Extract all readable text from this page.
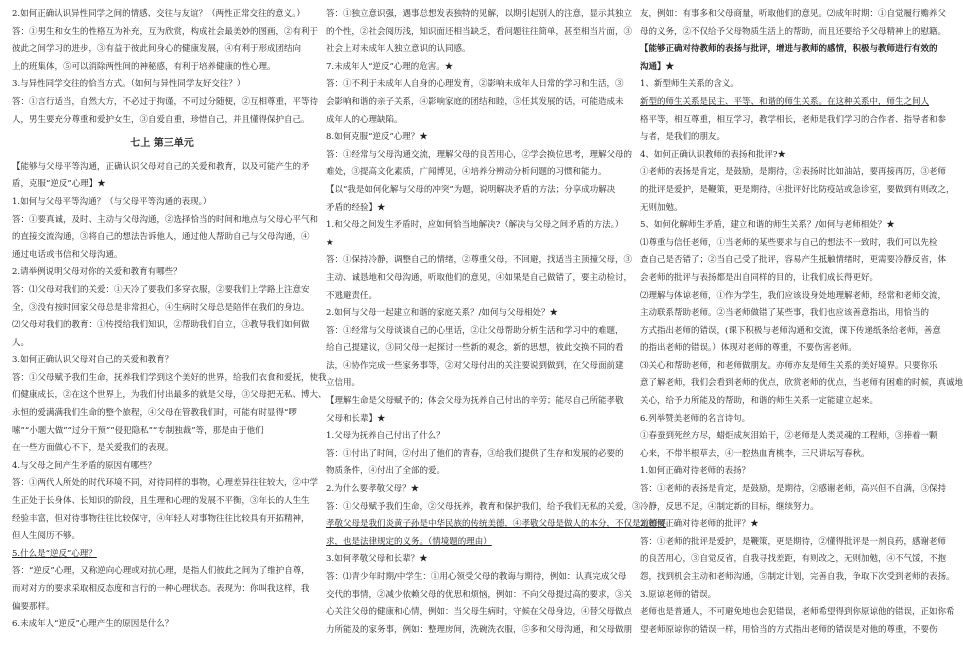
2.如何正确认识异性同学之间的情感、交往与友谊？（两性正常交往的意义。）

答：①男生和女生的性格互为补充，互为欣赏，构成社会最美妙的图画，②有利于

彼此之间学习的进步，③有益于彼此间身心的健康发展，④有利于形成团结向

上的班集体，⑤可以消除两性间的神秘感，有利于培养健康的性心理。

3.与异性同学交往的恰当方式。（如何与异性同学友好交往？）

答：①言行适当，自然大方，不必过于拘谨，不可过分随便，②互相尊重，平等待

人，男生要充分尊重和爱护女生，③自爱自重，珍惜自己，并且懂得保护自己。

七上 第三单元

【能够与父母平等沟通，正确认识父母对自己的关爱和教育，以及可能产生的矛

盾，克服“逆反”心理】★

1.如何与父母平等沟通？（与父母平等沟通的表现。）

答：①要真诚，及时、主动与父母沟通，②选择恰当的时间和地点与父母心平气和

的直接交流沟通，③将自己的想法告诉他人，通过他人帮助自己与父母沟通，④

通过电话或书信和父母沟通。

2.请举例说明父母对你的关爱和教育有哪些？

答：⑴父母对我们的关爱：①天冷了要我们多穿衣服，②要我们上学路上注意安

全，③没有按时回家父母总是非常担心，④生病时父母总是陪伴在我们的身边。

⑵父母对我们的教育：①传授给我们知识，②帮助我们自立，③教导我们如何做

人。

3.如何正确认识父母对自己的关爱和教育？

答：①父母赋予我们生命，抚养我们学到这个美好的世界，给我们衣食和爱抚，使我

们健康成长，②在这个世界上，为我们付出最多的就是父母，③父母把无私、博大、

永恒的爱满满我们生命的整个旅程，④父母在管教我们时，可能有时显得“啰

嗦”“小题大做”“过分干预”“侵犯隐私”“专制独裁”等，那是由于他们

在一些方面做心不下，是关爱我们的表现。

4.与父母之间产生矛盾的原因有哪些？

答：①两代人所处的时代环境不同，对待同样的事物，心理差异往往较大，②中学

生正处于长身体、长知识的阶段，且生理和心理的发展不平衡，③年长的人生生

经验丰富，但对待事物往往比较保守，④年轻人对事物往往比较具有开拓精神，

但人生阅历不够。

5.什么是“逆反”心理？

答：“逆反”心理，又称逆向心理或对抗心理，是指人们彼此之间为了维护自尊，

而对对方的要求采取相反态度和言行的一种心理状态。表现为：你叫我这样，我

偏要那样。

6.未成年人“逆反”心理产生的原因是什么？

答：①独立意识强，遇事总想发表独特的见解，以期引起别人的注意，显示其独立

的个性，②社会阅历浅，知识面还相当缺乏，看问题往往简单，甚至相当片面，③

社会上对未成年人独立意识的认同感。

7.未成年人“逆反”心理的危害。★

答：①不利于未成年人自身的心理发育，②影响未成年人日常的学习和生活，③

会影响和谐的亲子关系，④影响家庭的团结和睦，⑤任其发展的话，可能造成未

成年人的心理缺陷。

8.如何克服“逆反”心理？★

答：①经常与父母沟通交流，理解父母的良苦用心，②学会换位思考，理解父母的

难处，③提高文化素质，广闻博见，④培养分辨动分析问题的习惯和能力。

【以“我是如何化解与父母的冲突”为题，说明解决矛盾的方法；分享成功解决

矛盾的经验】★

1.和父母之间发生矛盾时，应如何恰当地解决?（解决与父母之间矛盾的方法。）

★

答：①保持冷静，调整自己的情绪，②尊重父母，不回避，找适当主顶撞父母，③

主动、诚恳地和父母沟通，听取他们的意见，④如果是自己做错了，要主动检讨，

不逃避责任。

2.如何与父母一起建立和谐的家庭关系？/如何与父母相处？★

答：①经常与父母谈谈自己的心里话，②让父母帮助分析生活和学习中的难题，

给自己提建议，③同父母一起探讨一些新的观念，新的思想，彼此交换不同的看

法，④协作完成一些家务事等，②对父母付出的关注要说到做到，在父母面前建

立信用。

【理解生命是父母赋予的；体会父母为抚养自己付出的辛劳；能尽自己所能孝敬

父母和长辈】★

1.父母为抚养自己付出了什么？

答：①付出了时间，②付出了他们的青春，③给我们提供了生存和发展的必要的

物质条件，④付出了全部的爱。

2.为什么要孝敬父母？★

答：①父母赋予我们生命，②父母抚养，教育和保护我们，给予我们无私的关爱，③

孝敬父母是我们炎黄子孙是中华民族的传统美德，④孝敬父母是做人的本分，不仅是道德要

求，也是法律规定的义务。（情境题的理由）

3.如何孝敬父母和长辈？★

答：⑴青少年时期/中学生：①用心领受父母的教诲与期待，例如：认真完成父母

交代的事情，②减少依赖父母的优思和烦恼，例如：不向父母提过高的要求，③关

心关注父母的健康和心情，例如：当父母生病时，守候在父母身边，④替父母做点

力所能及的家务事，例如：整理房间，洗碗洗衣服，⑤多和父母沟通，和父母做朋

友，例如：有事多和父母商量，听取他们的意见。⑵成年时期：①自觉履行赡养父

母的义务，②不仅给予父母物质生活上的帮助，而且还要给予父母精神上的慰籍。

【能够正确对待教师的表扬与批评，增进与教师的感情，积极与教师进行有效的

沟通】★

1、新型师生关系的含义。

新型的师生关系是民主、平等、和谐的师生关系。在这种关系中，师生之间人

格平等，相互尊重，相互学习，教学相长，老师是我们学习的合作者、指导者和参

与者，是我们的朋友。

4、如何正确认识教师的表扬和批评?★

①老师的表扬是肯定，是鼓励，是期待，②表扬时比如油站，要再接再厉，③老师

的批评是爱护，是鞭策，更是期待，④批评好比防疫站或急诊室，要做到有则改之，

无则加勉。

5、如何化解师生矛盾，建立和谐的师生关系？/如何与老师相处？★

⑴尊重与信任老师，①当老师的某些要求与自己的想法不一致时，我们可以先检

查自己是否错了；②当自己受了批评，容易产生抵触情绪时，更需要冷静反省，体

会老师的批评与表扬都是出自同样的目的，让我们成长得更好。

⑵理解与体谅老师，①作为学生，我们应该设身处地理解老师，经常和老师交流，

主动联系帮助老师。②当老师做错了某些事，我们也应该善意指出，用恰当的

方式指出老师的错误，(课下积极与老师沟通和交流，课下传递纸条给老师，善意

的指出老师的错误。）体现对老师的尊重，不要伤害老师。

⑶关心和帮助老师，和老师做朋友。亦师亦友是师生关系的美好境界。只要你乐

意了解老师，我们会看到老师的优点，欣赏老师的优点，当老师有困难的时候，真诚地

关心，给予力所能及的帮助，和谐的师生关系一定能建立起来。

6.列举赞美老师的名言诗句。

①春蚕到死丝方尽，蜡炬成灰泪始干，②老师是人类灵魂的工程师，③捧着一颗

心来，不带半根草去，④一腔热血育桃李，三尺讲坛写春秋。

1.如何正确对待老师的表扬？

答：①老师的表扬是肯定，是鼓励，是期待，②感谢老师，高兴但不自满，③保持

冷静，反思不足，④制定新的目标，继续努力。

2.如何正确对待老师的批评？★

答：①老师的批评是爱护，是鞭策，更是期待，②懂得批评是一剂良药，感谢老师

的良苦用心，③自觉反省，自我寻找差距，有则改之，无则加勉，④不气馁，不抱

怨，找到机会主动和老师沟通，⑤制定计划，完善自我，争取下次受到老师的表扬。

3.原谅老师的错误。

老师也是普通人，不可避免地也会犯错误，老师希望得到你原谅他的错误，正如你希

望老师原谅你的错误一样，用恰当的方式指出老师的错误是对他的尊重，不要伤
